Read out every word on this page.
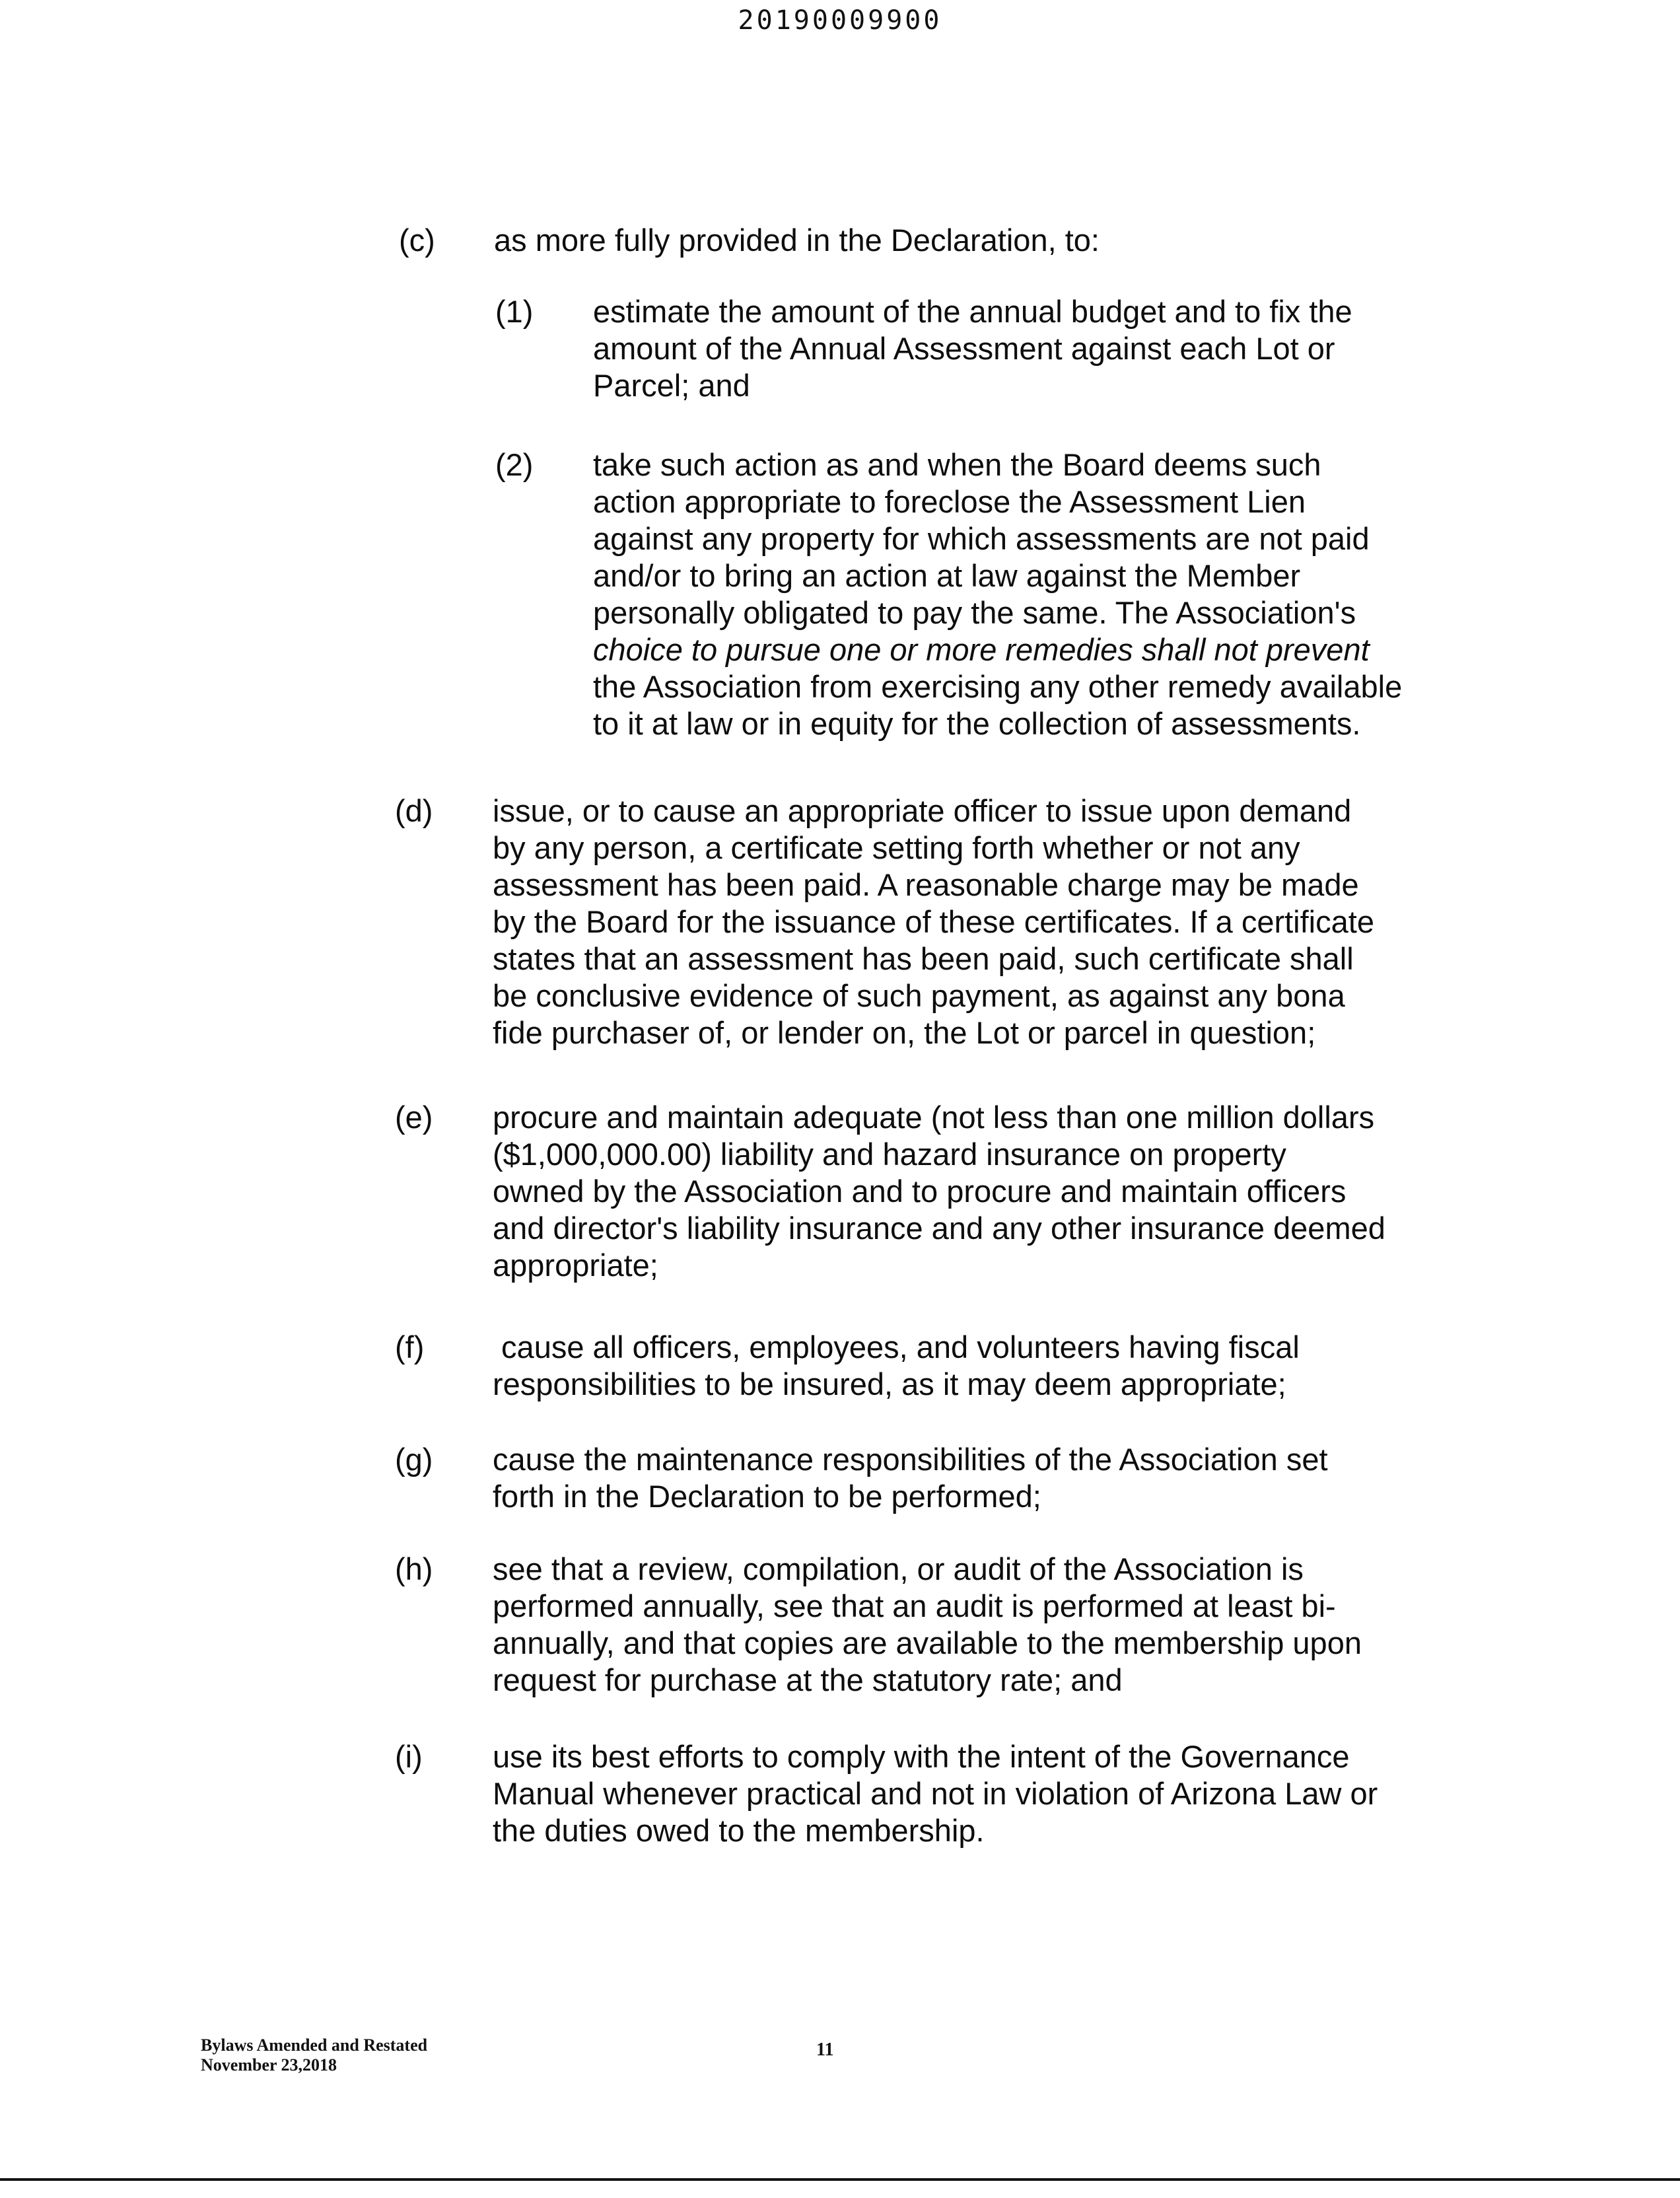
20190009900
(c) as more fully provided in the Declaration, to:
(1) estimate the amount of the annual budget and to fix the
amount of the Annual Assessment against each Lot or
Parcel; and
(2) take such action as and when the Board deems such
action appropriate to foreclose the Assessment Lien
against any property for which assessments are not paid
and/or to bring an action at law against the Member
personally obligated to pay the same. The Association's
choice to pursue one or more remedies shall not prevent
the Association from exercising any other remedy available
to it at law or in equity for the collection of assessments.
(d) issue, or to cause an appropriate officer to issue upon demand
by any person, a certificate setting forth whether or not any
assessment has been paid. A reasonable charge may be made
by the Board for the issuance of these certificates. If a certificate
states that an assessment has been paid, such certificate shall
be conclusive evidence of such payment, as against any bona
fide purchaser of, or lender on, the Lot or parcel in question;
(e) procure and maintain adequate (not less than one million dollars
($1,000,000.00) liability and hazard insurance on property
owned by the Association and to procure and maintain officers
and director's liability insurance and any other insurance deemed
appropriate;
(f) cause all officers, employees, and volunteers having fiscal
responsibilities to be insured, as it may deem appropriate;
(g) cause the maintenance responsibilities of the Association set
forth in the Declaration to be performed;
(h) see that a review, compilation, or audit of the Association is
performed annually, see that an audit is performed at least bi-
annually, and that copies are available to the membership upon
request for purchase at the statutory rate; and
(i) use its best efforts to comply with the intent of the Governance
Manual whenever practical and not in violation of Arizona Law or
the duties owed to the membership.
Bylaws Amended and Restated
November 23,2018
11
